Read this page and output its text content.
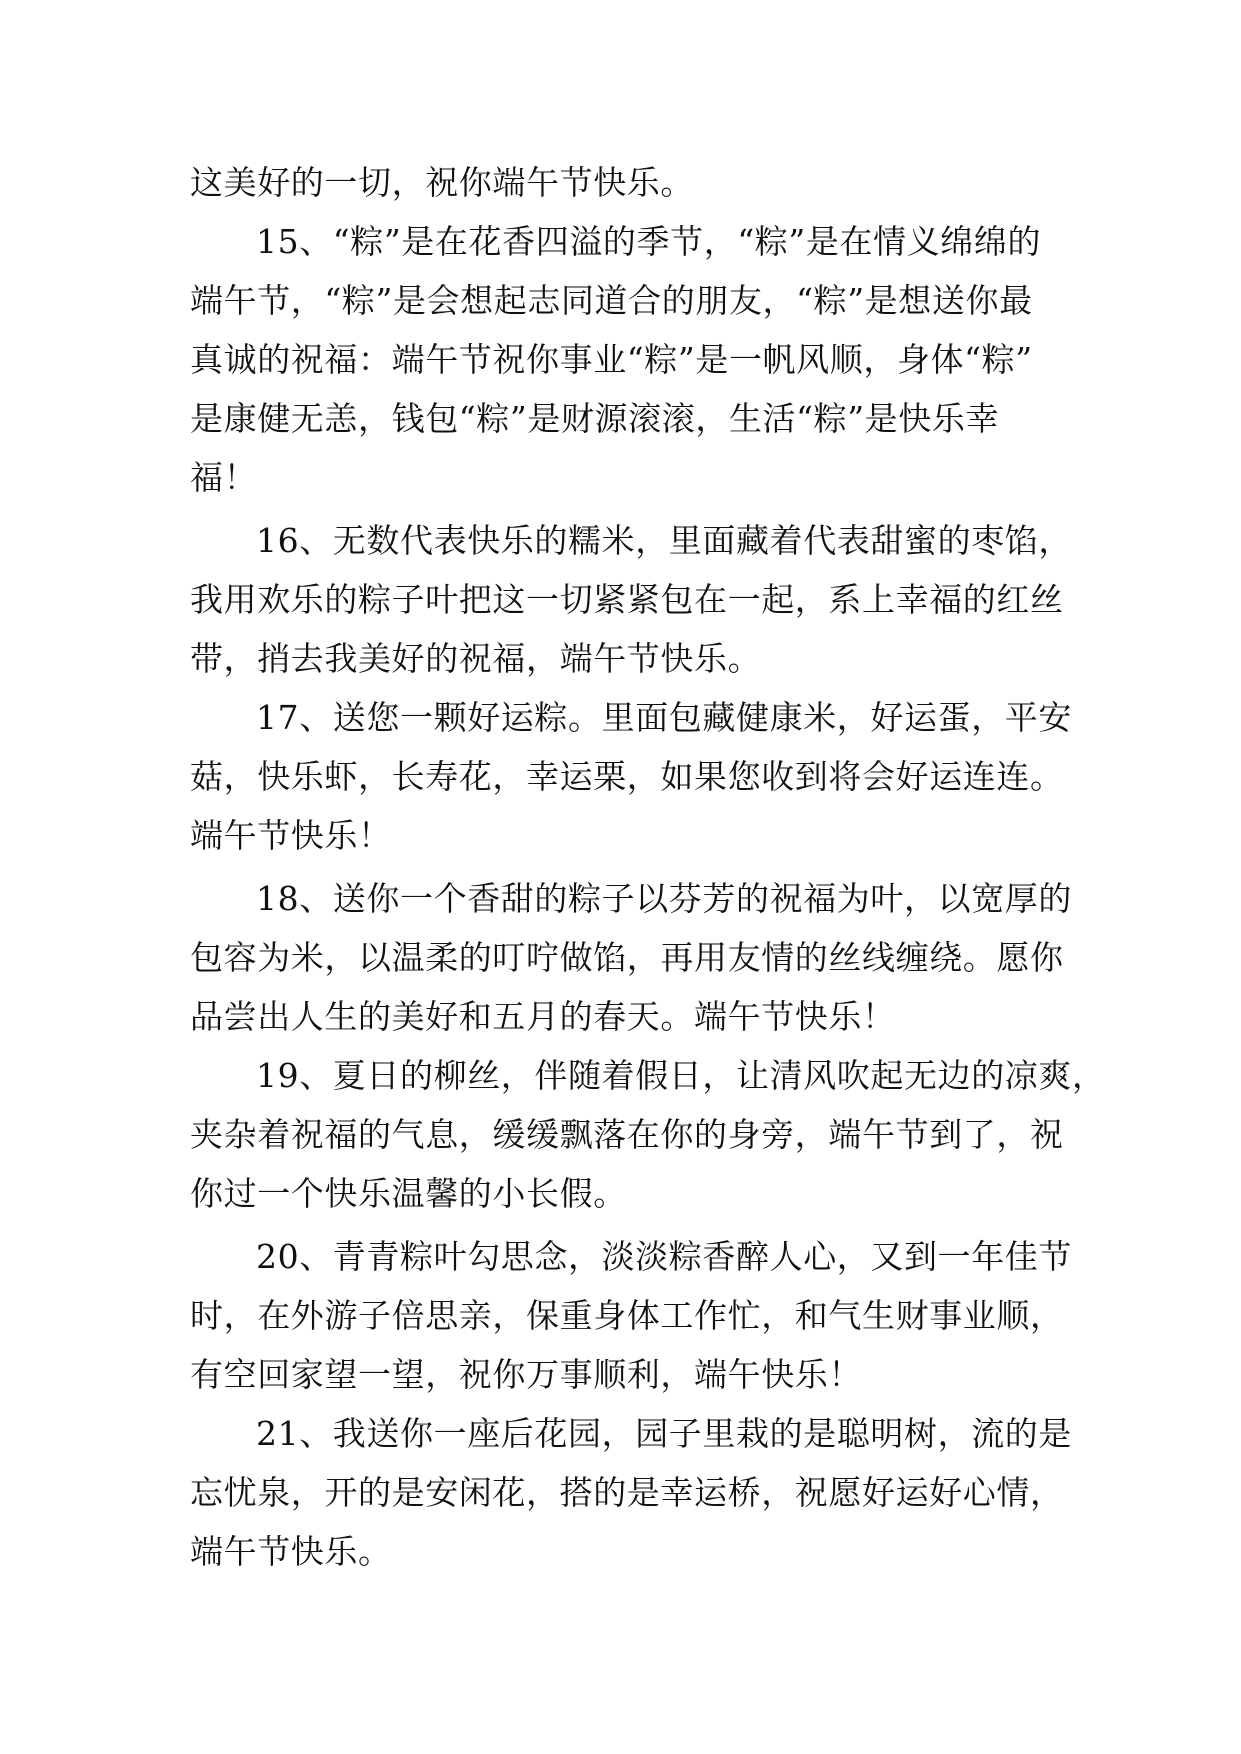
这美好的一切，祝你端午节快乐。
15、“粽”是在花香四溢的季节，“粽”是在情义绵绵的
端午节，“粽”是会想起志同道合的朋友，“粽”是想送你最
真诚的祝福：端午节祝你事业“粽”是一帆风顺，身体“粽”
是康健无恙，钱包“粽”是财源滚滚，生活“粽”是快乐幸
福！
16、无数代表快乐的糯米，里面藏着代表甜蜜的枣馅，
我用欢乐的粽子叶把这一切紧紧包在一起，系上幸福的红丝
带，捎去我美好的祝福，端午节快乐。
17、送您一颗好运粽。里面包藏健康米，好运蛋，平安
菇，快乐虾，长寿花，幸运栗，如果您收到将会好运连连。
端午节快乐！
18、送你一个香甜的粽子以芬芳的祝福为叶，以宽厚的
包容为米，以温柔的叮咛做馅，再用友情的丝线缠绕。愿你
品尝出人生的美好和五月的春天。端午节快乐！
19、夏日的柳丝，伴随着假日，让清风吹起无边的凉爽，
夹杂着祝福的气息，缓缓飘落在你的身旁，端午节到了，祝
你过一个快乐温馨的小长假。
20、青青粽叶勾思念，淡淡粽香醉人心，又到一年佳节
时，在外游子倍思亲，保重身体工作忙，和气生财事业顺，
有空回家望一望，祝你万事顺利，端午快乐！
21、我送你一座后花园，园子里栽的是聪明树，流的是
忘忧泉，开的是安闲花，搭的是幸运桥，祝愿好运好心情，
端午节快乐。
